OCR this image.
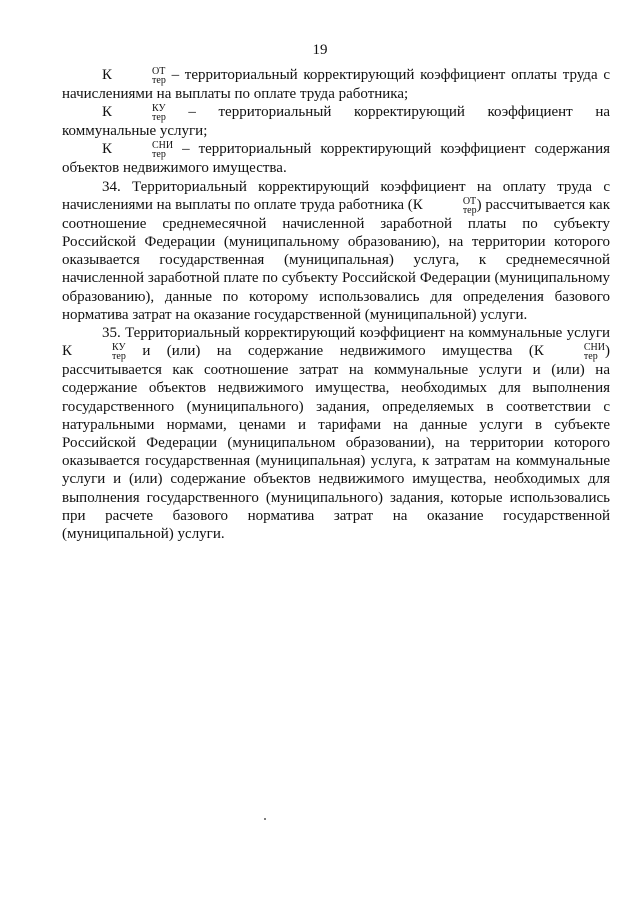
19

К	ОТ
тер – территориальный корректирующий коэффициент оплаты труда с начислениями на выплаты по оплате труда работника;

К	КУ
тер – территориальный корректирующий коэффициент на коммунальные услуги;

К	СНИ
тер	– территориальный корректирующий коэффициент содержания объектов недвижимого имущества.

34. Территориальный корректирующий коэффициент на оплату труда с начислениями на выплаты по оплате труда работника (К	ОТ
тер ) рассчитывается как соотношение среднемесячной начисленной заработной платы по субъекту Российской Федерации (муниципальному образованию), на территории которого оказывается государственная (муниципальная) услуга, к среднемесячной начисленной заработной плате по субъекту Российской Федерации (муниципальному образованию), данные по которому использовались для определения базового норматива затрат на оказание государственной (муниципальной) услуги.

35. Территориальный корректирующий коэффициент на коммунальные услуги К	КУ
тер и (или) на содержание недвижимого имущества (К	СНИ
тер ) рассчитывается как соотношение затрат на коммунальные услуги и (или) на содержание объектов недвижимого имущества, необходимых для выполнения государственного (муниципального) задания, определяемых в соответствии с натуральными нормами, ценами и тарифами на данные услуги в субъекте Российской Федерации (муниципальном образовании), на территории которого оказывается государственная (муниципальная) услуга, к затратам на коммунальные услуги и (или) содержание объектов недвижимого имущества, необходимых для выполнения государственного (муниципального) задания, которые использовались при расчете базового норматива затрат на оказание государственной (муниципальной) услуги.
